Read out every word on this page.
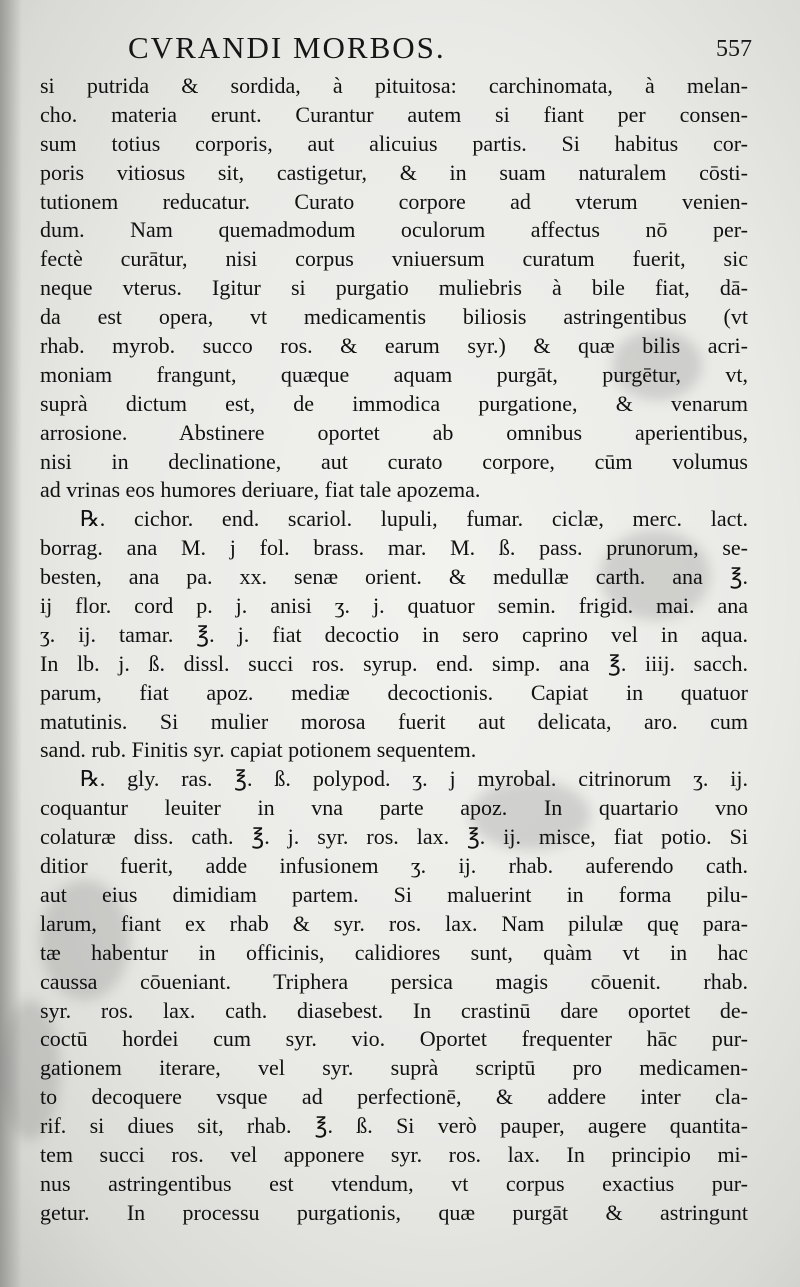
CVRANDI MORBOS.	557
si putrida & sordida, à pituitosa: carchinomata, à melan-
cho. materia erunt. Curantur autem si fiant per consen-
sum totius corporis, aut alicuius partis. Si habitus cor-
poris vitiosus sit, castigetur, & in suam naturalem cōsti-
tutionem reducatur. Curato corpore ad vterum venien-
dum. Nam quemadmodum oculorum affectus nō per-
fectè curātur, nisi corpus vniuersum curatum fuerit, sic
neque vterus. Igitur si purgatio muliebris à bile fiat, dā-
da est opera, vt medicamentis biliosis astringentibus (vt
rhab. myrob. succo ros. & earum syr.) & quæ bilis acri-
moniam frangunt, quæque aquam purgāt, purgētur, vt,
suprà dictum est, de immodica purgatione, & venarum
arrosione. Abstinere oportet ab omnibus aperientibus,
nisi in declinatione, aut curato corpore, cūm volumus
ad vrinas eos humores deriuare, fiat tale apozema.
℞. cichor. end. scariol. lupuli, fumar. ciclæ, merc. lact.
borrag. ana M. j fol. brass. mar. M. ß. pass. prunorum, se-
besten, ana pa. xx. senæ orient. & medullæ carth. ana ℥.
ij flor. cord p. j. anisi ʒ. j. quatuor semin. frigid. mai. ana
ʒ. ij. tamar. ℥. j. fiat decoctio in sero caprino vel in aqua.
In lb. j. ß. dissl. succi ros. syrup. end. simp. ana ℥. iiij. sacch.
parum, fiat apoz. mediæ decoctionis. Capiat in quatuor
matutinis. Si mulier morosa fuerit aut delicata, aro. cum
sand. rub. Finitis syr. capiat potionem sequentem.
℞. gly. ras. ℥. ß. polypod. ʒ. j myrobal. citrinorum ʒ. ij.
coquantur leuiter in vna parte apoz. In quartario vno
colaturæ diss. cath. ℥. j. syr. ros. lax. ℥. ij. misce, fiat potio. Si
ditior fuerit, adde infusionem ʒ. ij. rhab. auferendo cath.
aut eius dimidiam partem. Si maluerint in forma pilu-
larum, fiant ex rhab & syr. ros. lax. Nam pilulæ quę para-
tæ habentur in officinis, calidiores sunt, quàm vt in hac
caussa cōueniant. Triphera persica magis cōuenit. rhab.
syr. ros. lax. cath. diasebest. In crastinū dare oportet de-
coctū hordei cum syr. vio. Oportet frequenter hāc pur-
gationem iterare, vel syr. suprà scriptū pro medicamen-
to decoquere vsque ad perfectionē, & addere inter cla-
rif. si diues sit, rhab. ℥. ß. Si verò pauper, augere quantita-
tem succi ros. vel apponere syr. ros. lax. In principio mi-
nus astringentibus est vtendum, vt corpus exactius pur-
getur. In processu purgationis, quæ purgāt & astringunt
